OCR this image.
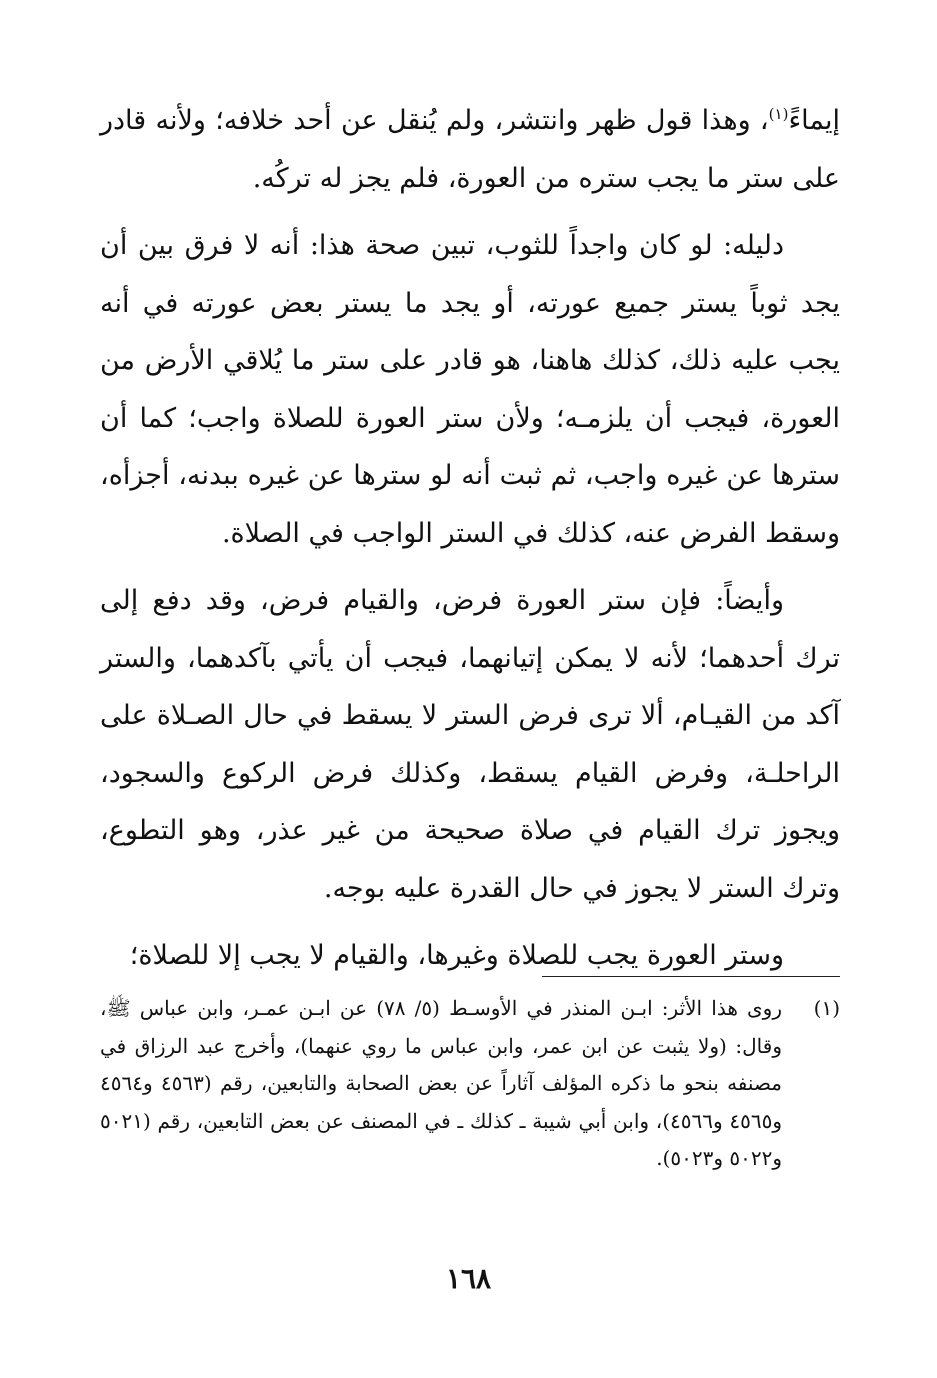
إيماءً$^{(١)}$، وهذا قول ظهر وانتشر، ولم يُنقل عن أحد خلافه؛ ولأنه قادر على ستر ما يجب ستره من العورة، فلم يجز له تركُه.

دليله: لو كان واجداً للثوب، تبين صحة هذا: أنه لا فرق بين أن يجد ثوباً يستر جميع عورته، أو يجد ما يستر بعض عورته في أنه يجب عليه ذلك، كذلك هاهنا، هو قادر على ستر ما يُلاقي الأرض من العورة، فيجب أن يلزمـه؛ ولأن ستر العورة للصلاة واجب؛ كما أن سترها عن غيره واجب، ثم ثبت أنه لو سترها عن غيره ببدنه، أجزأه، وسقط الفرض عنه، كذلك في الستر الواجب في الصلاة.

وأيضاً: فإن ستر العورة فرض، والقيام فرض، وقد دفع إلى ترك أحدهما؛ لأنه لا يمكن إتيانهما، فيجب أن يأتي بآكدهما، والستر آكد من القيـام، ألا ترى فرض الستر لا يسقط في حال الصـلاة على الراحلـة، وفرض القيام يسقط، وكذلك فرض الركوع والسجود، ويجوز ترك القيام في صلاة صحيحة من غير عذر، وهو التطوع، وترك الستر لا يجوز في حال القدرة عليه بوجه.

وستر العورة يجب للصلاة وغيرها، والقيام لا يجب إلا للصلاة؛

(١)
روى هذا الأثر: ابـن المنذر في الأوسـط (٥/ ٧٨) عن ابـن عمـر، وابن عباس ﷺ، وقال: (ولا يثبت عن ابن عمر، وابن عباس ما روي عنهما)، وأخرج عبد الرزاق في مصنفه بنحو ما ذكره المؤلف آثاراً عن بعض الصحابة والتابعين، رقم (٤٥٦٣ و٤٥٦٤ و٤٥٦٥ و٤٥٦٦)، وابن أبي شيبة ـ كذلك ـ في المصنف عن بعض التابعين، رقم (٥٠٢١ و٥٠٢٢ و٥٠٢٣).
١٦٨
